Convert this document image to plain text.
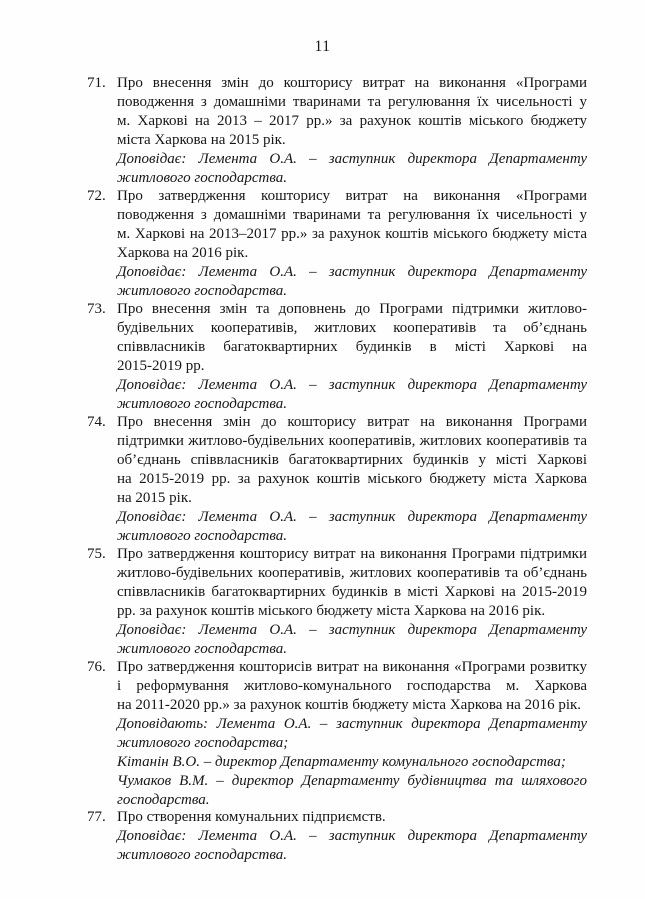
11
71. Про внесення змін до кошторису витрат на виконання «Програми
поводження з домашніми тваринами та регулювання їх чисельності у
м. Харкові на 2013 – 2017 рр.» за рахунок коштів міського бюджету
міста Харкова на 2015 рік.
Доповідає: Лемента О.А. – заступник директора Департаменту
житлового господарства.
72. Про затвердження кошторису витрат на виконання «Програми
поводження з домашніми тваринами та регулювання їх чисельності у
м. Харкові на 2013–2017 рр.» за рахунок коштів міського бюджету міста
Харкова на 2016 рік.
Доповідає: Лемента О.А. – заступник директора Департаменту
житлового господарства.
73. Про внесення змін та доповнень до Програми підтримки житлово-
будівельних кооперативів, житлових кооперативів та об’єднань
співвласників багатоквартирних будинків в місті Харкові на
2015-2019 рр.
Доповідає: Лемента О.А. – заступник директора Департаменту
житлового господарства.
74. Про внесення змін до кошторису витрат на виконання Програми
підтримки житлово-будівельних кооперативів, житлових кооперативів та
об’єднань співвласників багатоквартирних будинків у місті Харкові
на 2015-2019 рр. за рахунок коштів міського бюджету міста Харкова
на 2015 рік.
Доповідає: Лемента О.А. – заступник директора Департаменту
житлового господарства.
75. Про затвердження кошторису витрат на виконання Програми підтримки
житлово-будівельних кооперативів, житлових кооперативів та об’єднань
співвласників багатоквартирних будинків в місті Харкові на 2015-2019
рр. за рахунок коштів міського бюджету міста Харкова на 2016 рік.
Доповідає: Лемента О.А. – заступник директора Департаменту
житлового господарства.
76. Про затвердження кошторисів витрат на виконання «Програми розвитку
і реформування житлово-комунального господарства м. Харкова
на 2011-2020 рр.» за рахунок коштів бюджету міста Харкова на 2016 рік.
Доповідають: Лемента О.А. – заступник директора Департаменту
житлового господарства;
Кітанін В.О. – директор Департаменту комунального господарства;
Чумаков В.М. – директор Департаменту будівництва та шляхового
господарства.
77. Про створення комунальних підприємств.
Доповідає: Лемента О.А. – заступник директора Департаменту
житлового господарства.
